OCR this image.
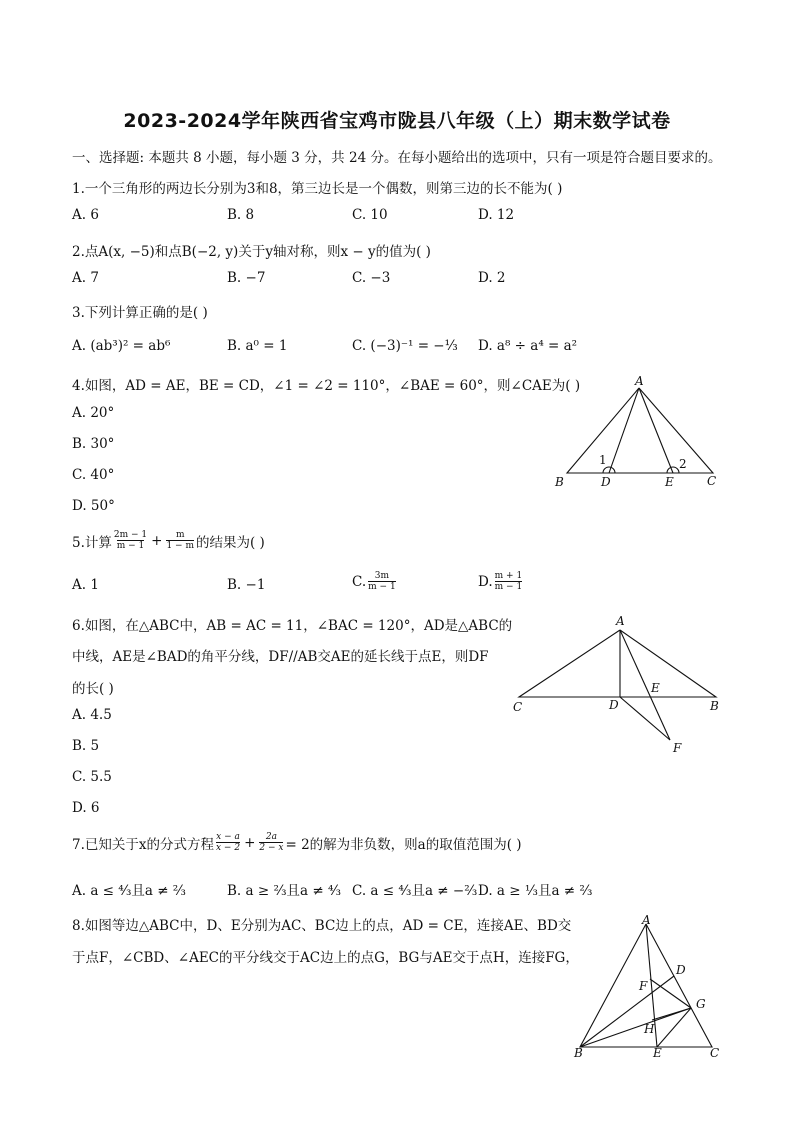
2023-2024学年陕西省宝鸡市陇县八年级（上）期末数学试卷
一、选择题: 本题共 8 小题，每小题 3 分，共 24 分。在每小题给出的选项中，只有一项是符合题目要求的。
1.一个三角形的两边长分别为3和8，第三边长是一个偶数，则第三边的长不能为( )
A. 6	B. 8	C. 10	D. 12
2.点A(x, −5)和点B(−2, y)关于y轴对称，则x − y的值为( )
A. 7	B. −7	C. −3	D. 2
3.下列计算正确的是( )
A. (ab³)² = ab⁶	B. a⁰ = 1	C. (−3)⁻¹ = −⅓ D. a⁸ ÷ a⁴ = a²
4.如图，AD = AE，BE = CD，∠1 = ∠2 = 110°，∠BAE = 60°，则∠CAE为( )
A. 20°
B. 30°
C. 40°
D. 50°
A
B	D	E	C
1	2
5.计算 $\frac{2m - 1}{m - 1} + \frac{m}{1 - m}$ 的结果为( )
A. 1	B. −1	C. $\frac{3m}{m - 1}$	D. $\frac{m + 1}{m - 1}$
6.如图，在△ABC中，AB = AC = 11，∠BAC = 120°，AD是△ABC的
中线，AE是∠BAD的角平分线，DF//AB交AE的延长线于点E，则DF
的长( )
A. 4.5
B. 5
C. 5.5
D. 6
A
C	D
E
B
F
7.已知关于x的分式方程 $\frac{x - a}{x - 2} + \frac{2a}{2 - x} = 2$的解为非负数，则a的取值范围为( )
A. a ≤ ⁴⁄₃且a ≠ ²⁄₃	B. a ≥ ²⁄₃且a ≠ ⁴⁄₃ C. a ≤ ⁴⁄₃且a ≠ −²⁄₃ D. a ≥ ¹⁄₃且a ≠ ²⁄₃
8.如图等边△ABC中，D、E分别为AC、BC边上的点，AD = CE，连接AE、BD交
于点F，∠CBD、∠AEC的平分线交于AC边上的点G，BG与AE交于点H，连接FG，
A
D
F
G
H
B	E	C
